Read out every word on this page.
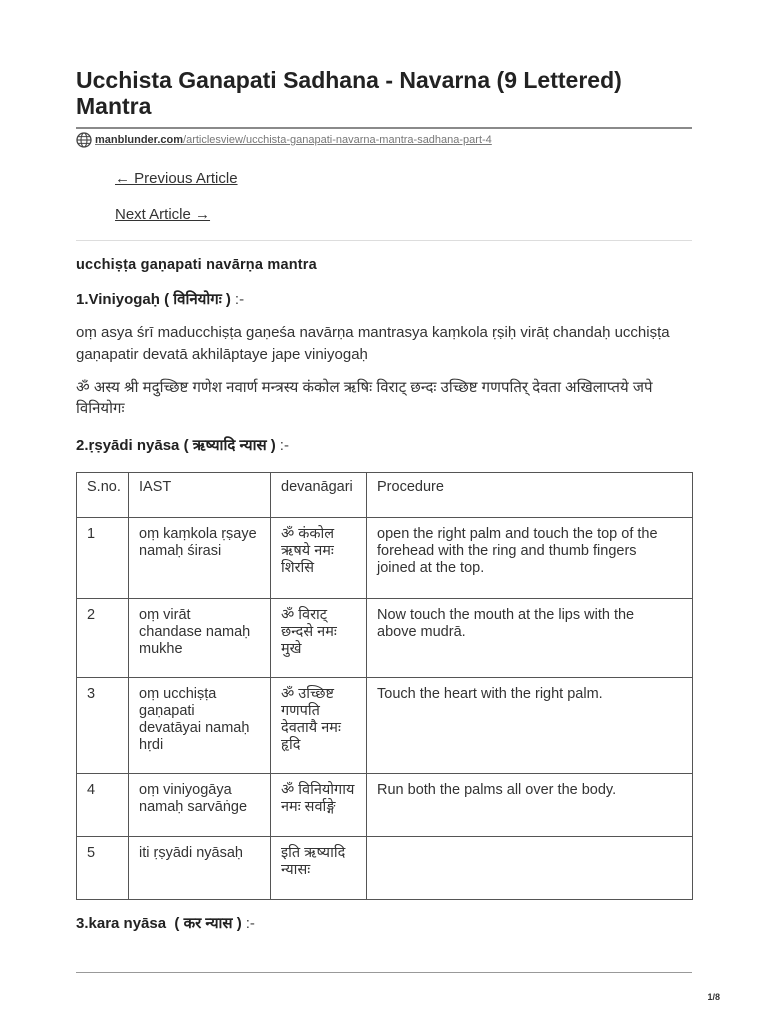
Ucchista Ganapati Sadhana - Navarna (9 Lettered) Mantra
manblunder.com/articlesview/ucchista-ganapati-navarna-mantra-sadhana-part-4
← Previous Article
Next Article →
ucchiṣṭa gaṇapati navārṇa mantra
1.Viniyogaḥ ( विनियोगः ) :-

oṃ asya śrī maducchiṣṭa gaṇeśa navārṇa mantrasya kaṃkola ṛṣiḥ virāṭ chandaḥ ucchiṣṭa gaṇapatir devatā akhilāptaye jape viniyogaḥ

ॐ अस्य श्री मदुच्छिष्ट गणेश नवार्ण मन्त्रस्य कंकोल ऋषिः विराट् छन्दः उच्छिष्ट गणपतिर् देवता अखिलाप्तये जपे विनियोगः

2.ṛṣyādi nyāsa ( ऋष्यादि न्यास ) :-
S.no.	IAST	devanāgari	Procedure
1	oṃ kaṃkola ṛṣaye
namaḥ śirasi	ॐ कंकोल
ऋषये नमः
शिरसि	open the right palm and touch the top of the
forehead with the ring and thumb fingers
joined at the top.

2	oṃ virāt
chandase namaḥ
mukhe	ॐ विराट्
छन्दसे नमः
मुखे	Now touch the mouth at the lips with the
above mudrā.

3	oṃ ucchiṣṭa
gaṇapati
devatāyai namaḥ
hṛdi	ॐ उच्छिष्ट
गणपति
देवतायै नमः
हृदि	Touch the heart with the right palm.

4	oṃ viniyogāya
namaḥ sarvāṅge	ॐ विनियोगाय
नमः सर्वाङ्गे	Run both the palms all over the body.

5	iti ṛṣyādi nyāsaḥ	इति ऋष्यादि
न्यासः	

3.kara nyāsa  ( कर न्यास ) :-
1/8
